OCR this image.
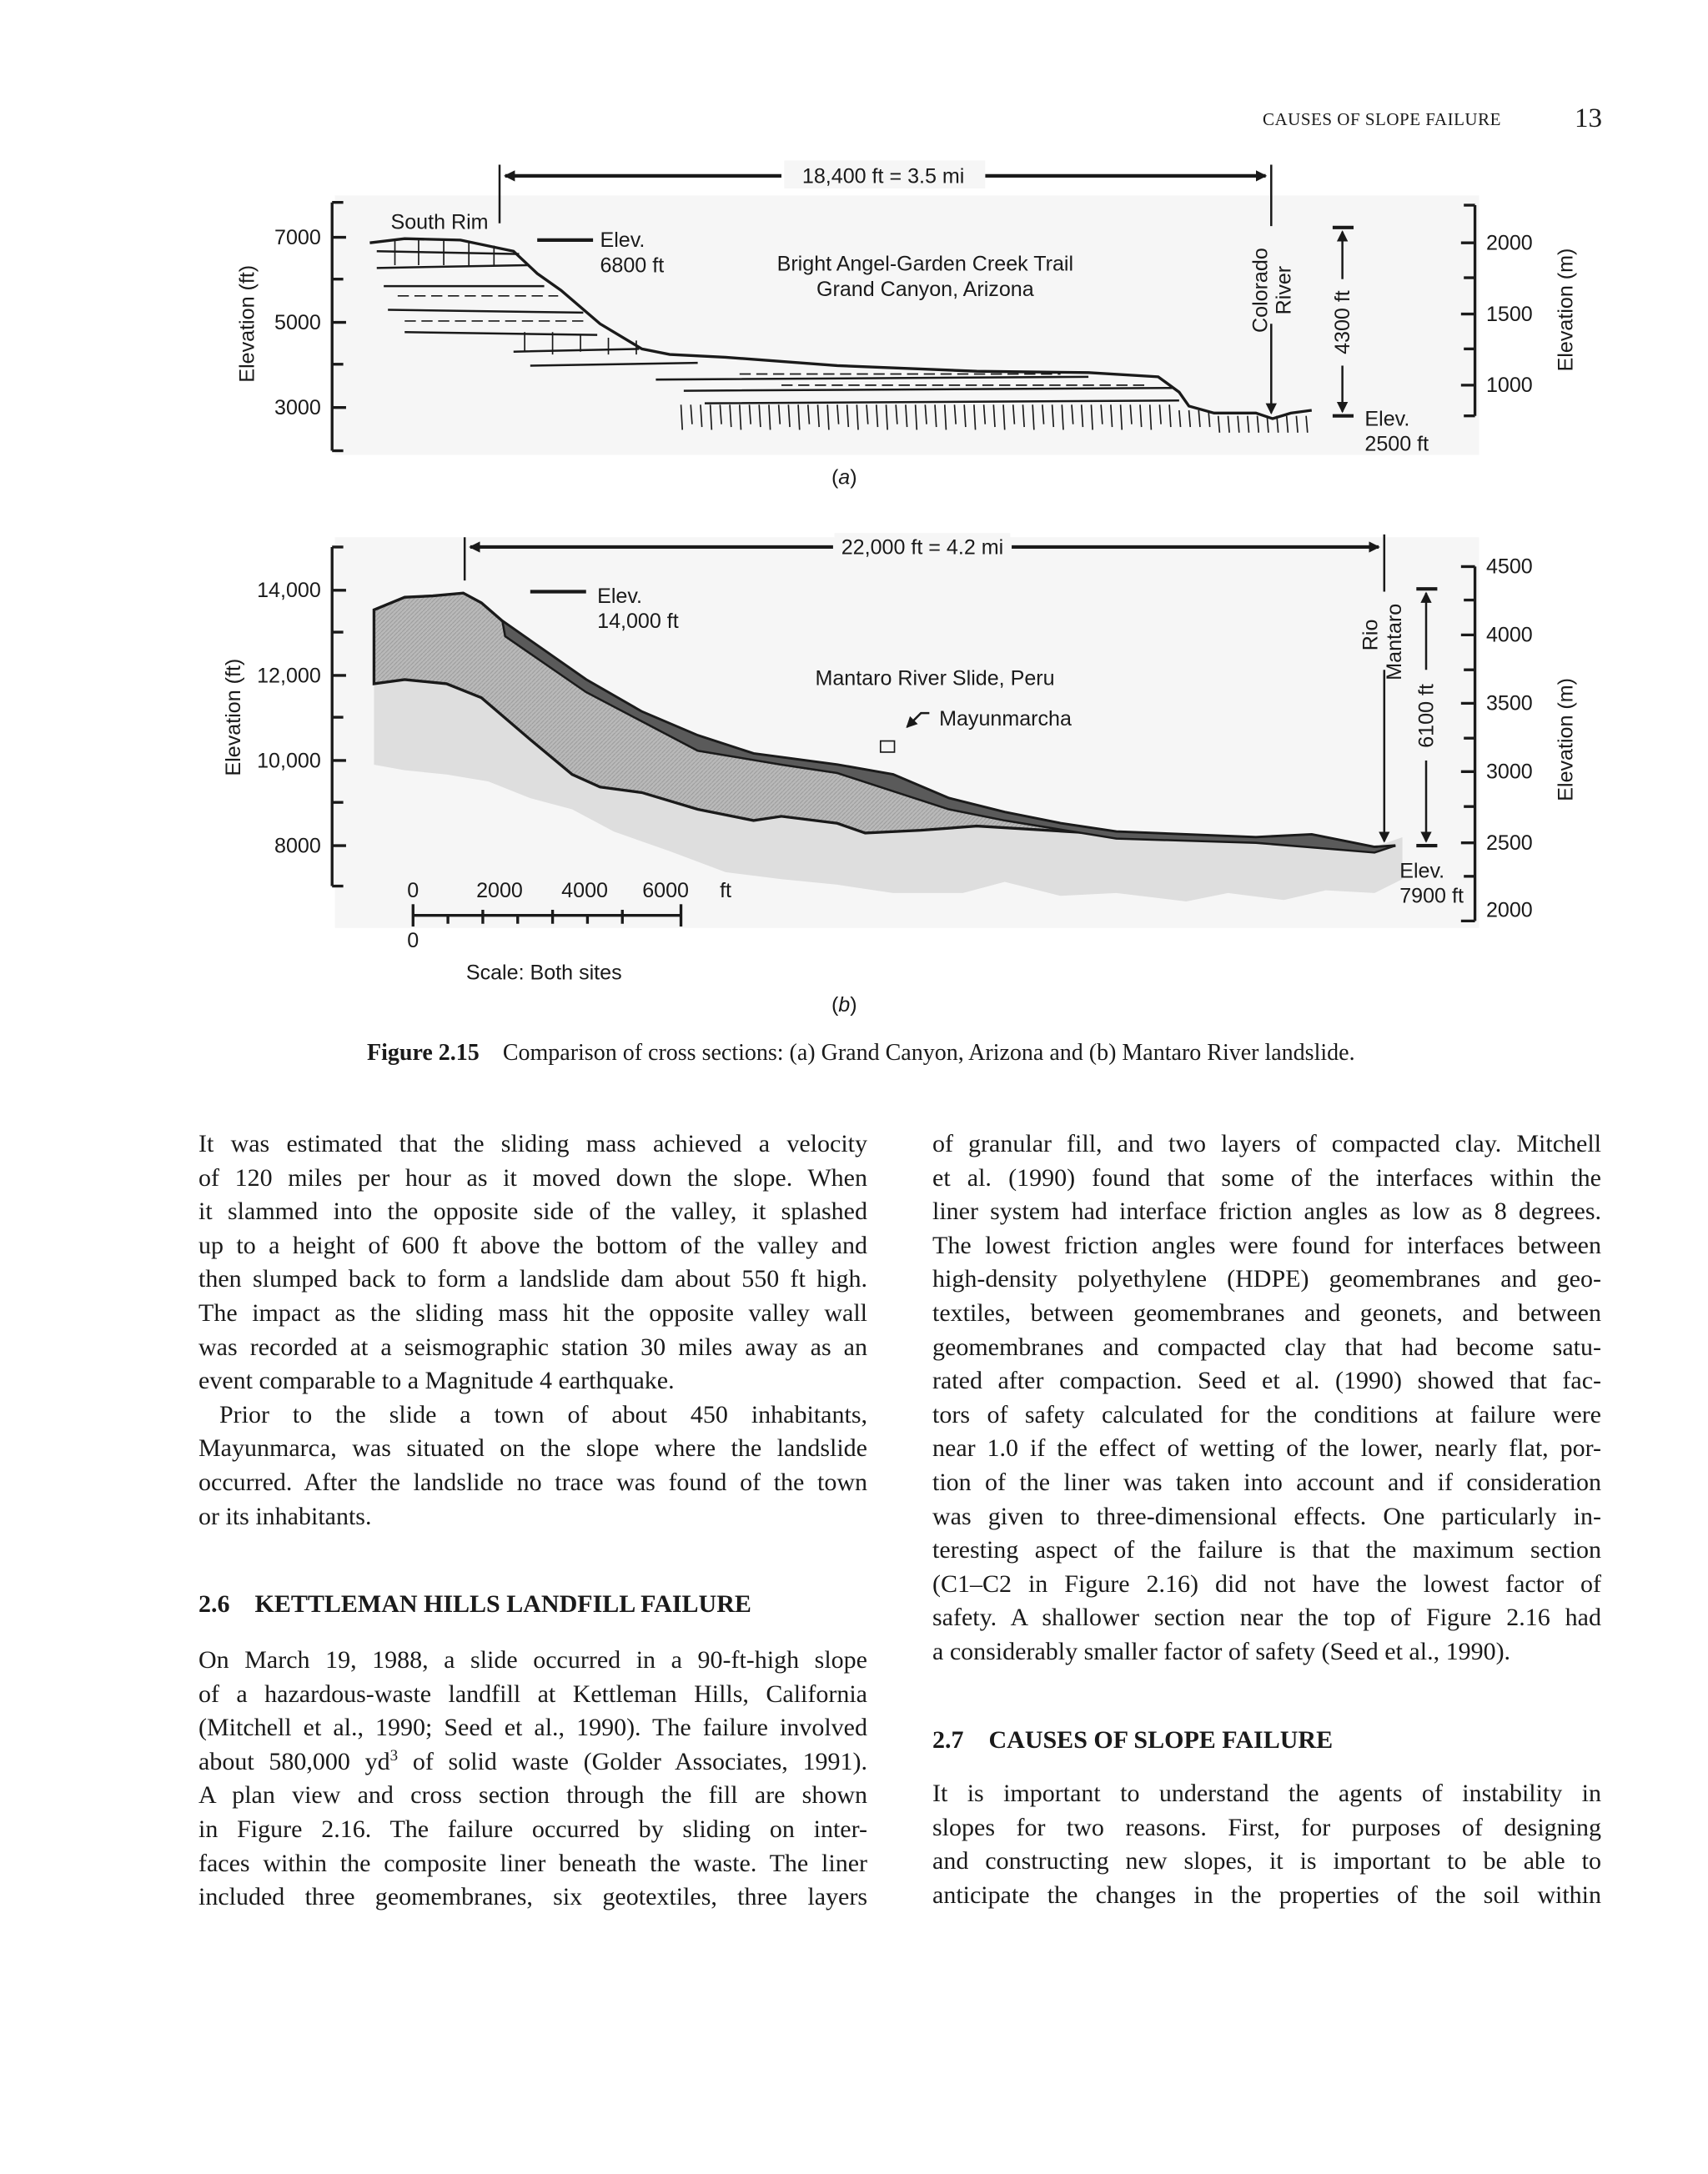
CAUSES OF SLOPE FAILURE	13
18,400 ft = 3.5 mi
South Rim
Elev.
6800 ft	Bright Angel-Garden Creek Trail
Grand Canyon, Arizona	Colorado River
4300 ft
Elev.
2500 ft
Elevation (ft)
7000
5000
3000
2000
1500
1000
Elevation (m)
(a)
22,000 ft = 4.2 mi
Elev.
14,000 ft
Mantaro River Slide, Peru
Mayunmarcha
Rio Mantaro
6100 ft
Elev.
7900 ft
Elevation (ft)
14,000
12,000
10,000
8000
4500
4000
3500
3000
2500
2000
Elevation (m)
0	2000	4000	6000 ft
0
Scale: Both sites
(b)
Figure 2.15 Comparison of cross sections: (a) Grand Canyon, Arizona and (b) Mantaro River landslide.
It was estimated that the sliding mass achieved a velocity
of 120 miles per hour as it moved down the slope. When
it slammed into the opposite side of the valley, it splashed
up to a height of 600 ft above the bottom of the valley and
then slumped back to form a landslide dam about 550 ft high.
The impact as the sliding mass hit the opposite valley wall
was recorded at a seismographic station 30 miles away as an
event comparable to a Magnitude 4 earthquake.
Prior to the slide a town of about 450 inhabitants,
Mayunmarca, was situated on the slope where the landslide
occurred. After the landslide no trace was found of the town
or its inhabitants.
2.6 KETTLEMAN HILLS LANDFILL FAILURE
On March 19, 1988, a slide occurred in a 90-ft-high slope
of a hazardous-waste landfill at Kettleman Hills, California
(Mitchell et al., 1990; Seed et al., 1990). The failure involved
about 580,000 $yd^3$ of solid waste (Golder Associates, 1991).
A plan view and cross section through the fill are shown
in Figure 2.16. The failure occurred by sliding on inter-
faces within the composite liner beneath the waste. The liner
included three geomembranes, six geotextiles, three layers
of granular fill, and two layers of compacted clay. Mitchell
et al. (1990) found that some of the interfaces within the
liner system had interface friction angles as low as 8 degrees.
The lowest friction angles were found for interfaces between
high-density polyethylene (HDPE) geomembranes and geo-
textiles, between geomembranes and geonets, and between
geomembranes and compacted clay that had become satu-
rated after compaction. Seed et al. (1990) showed that fac-
tors of safety calculated for the conditions at failure were
near 1.0 if the effect of wetting of the lower, nearly flat, por-
tion of the liner was taken into account and if consideration
was given to three-dimensional effects. One particularly in-
teresting aspect of the failure is that the maximum section
(C1–C2 in Figure 2.16) did not have the lowest factor of
safety. A shallower section near the top of Figure 2.16 had
a considerably smaller factor of safety (Seed et al., 1990).
2.7 CAUSES OF SLOPE FAILURE
It is important to understand the agents of instability in
slopes for two reasons. First, for purposes of designing
and constructing new slopes, it is important to be able to
anticipate the changes in the properties of the soil within
